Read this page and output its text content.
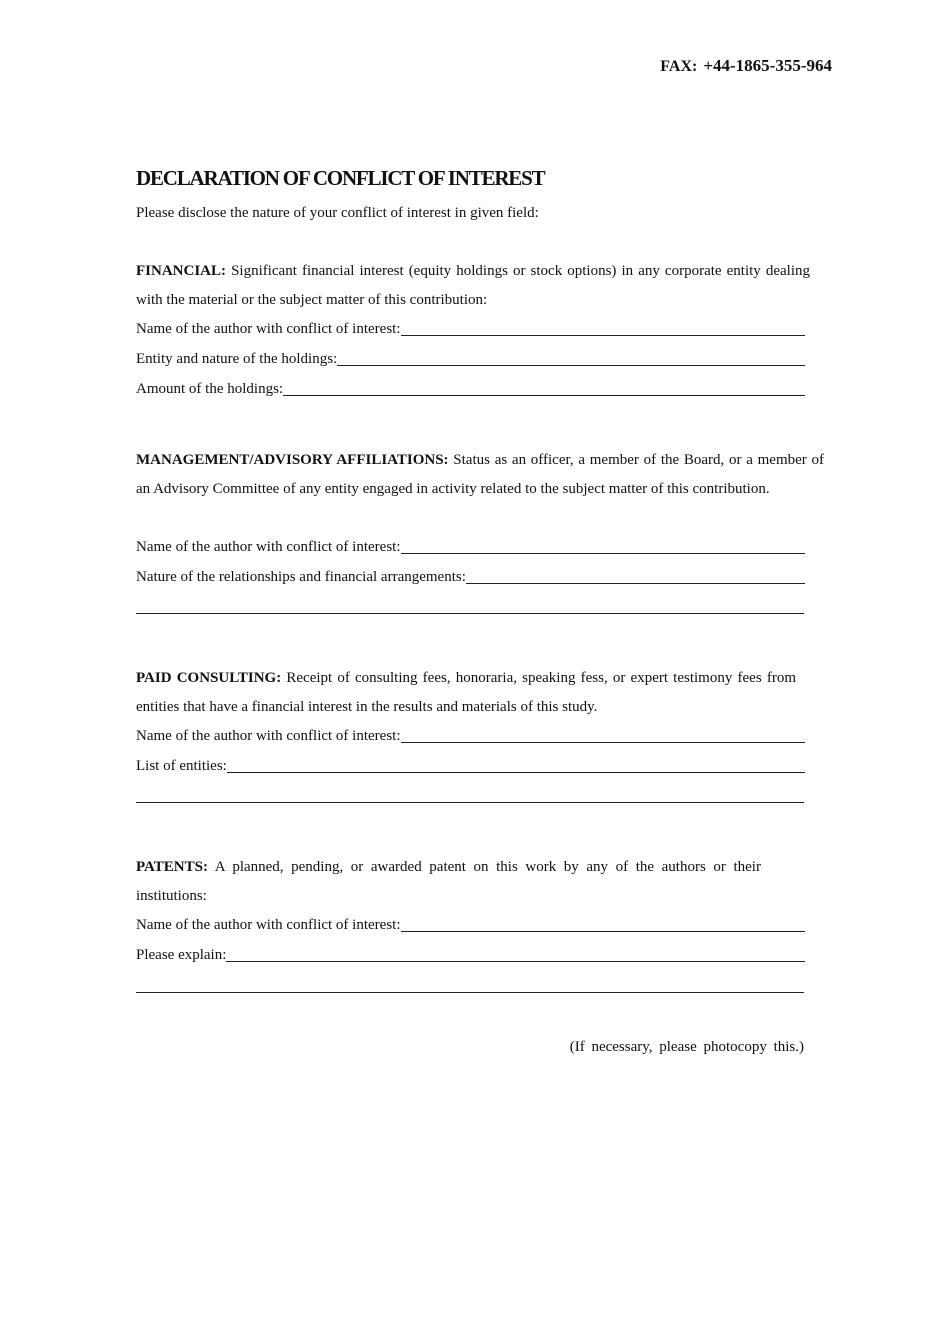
FAX: +44-1865-355-964
DECLARATION OF CONFLICT OF INTEREST
Please disclose the nature of your conflict of interest in given field:
FINANCIAL: Significant financial interest (equity holdings or stock options) in any corporate entity dealing with the material or the subject matter of this contribution:
Name of the author with conflict of interest:
Entity and nature of the holdings:
Amount of the holdings:
MANAGEMENT/ADVISORY AFFILIATIONS: Status as an officer, a member of the Board, or a member of an Advisory Committee of any entity engaged in activity related to the subject matter of this contribution.
Name of the author with conflict of interest:
Nature of the relationships and financial arrangements:
PAID CONSULTING: Receipt of consulting fees, honoraria, speaking fess, or expert testimony fees from entities that have a financial interest in the results and materials of this study.
Name of the author with conflict of interest:
List of entities:
PATENTS: A planned, pending, or awarded patent on this work by any of the authors or their institutions:
Name of the author with conflict of interest:
Please explain:
(If necessary, please photocopy this.)
